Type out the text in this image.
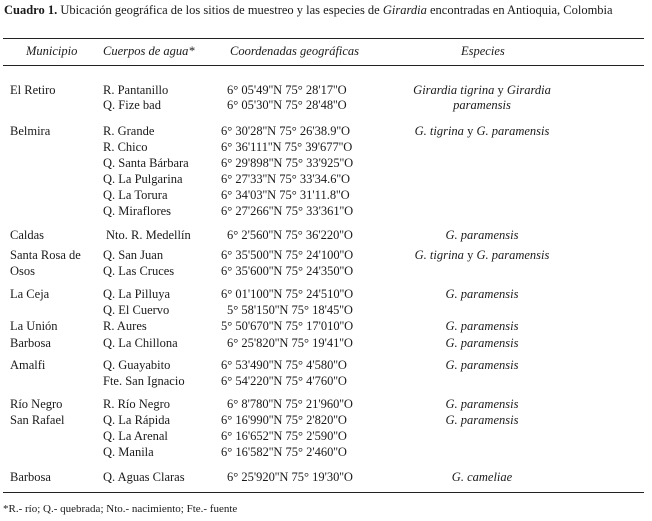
Cuadro 1. Ubicación geográfica de los sitios de muestreo y las especies de Girardia encontradas en Antioquia, Colombia
Municipio Cuerpos de agua*	Coordenadas geográficas	Especies
El Retiro
Belmira
Caldas
Santa Rosa de
Osos
La Ceja
La Unión
Barbosa
Amalfi
Río Negro
San Rafael
Barbosa
R. Pantanillo
Q. Fize bad
R. Grande
R. Chico
Q. Santa Bárbara
Q. La Pulgarina
Q. La Torura
Q. Miraflores
Nto. R. Medellín
Q. San Juan
Q. Las Cruces
Q. La Pilluya
Q. El Cuervo
R. Aures
Q. La Chillona
Q. Guayabito
Fte. San Ignacio
R. Río Negro
Q. La Rápida
Q. La Arenal
Q. Manila
Q. Aguas Claras
6° 05'49''N 75° 28'17''O
6° 05'30''N 75° 28'48''O
6° 30'28''N 75° 26'38.9''O
6° 36'111''N 75° 39'677''O
6° 29'898''N 75° 33'925''O
6° 27'33''N 75° 33'34.6''O
6° 34'03''N 75° 31'11.8''O
6° 27'266''N 75° 33'361''O
6° 2'560''N 75° 36'220''O
6° 35'500''N 75° 24'100''O
6° 35'600''N 75° 24'350''O
6° 01'100''N 75° 24'510''O
5° 58'150''N 75° 18'45''O
5° 50'670''N 75° 17'010''O
6° 25'820''N 75° 19'41''O
6° 53'490''N 75° 4'580''O
6° 54'220''N 75° 4'760''O
6° 8'780''N 75° 21'960''O
6° 16'990''N 75° 2'820''O
6° 16'652''N 75° 2'590''O
6° 16'582''N 75° 2'460''O
6° 25'920''N 75° 19'30''O
Girardia tigrina y Girardia
paramensis
G. tigrina y G. paramensis
G. paramensis
G. tigrina y G. paramensis
G. paramensis
G. paramensis
G. paramensis
G. paramensis
G. paramensis
G. paramensis
G. cameliae
*R.- río; Q.- quebrada; Nto.- nacimiento; Fte.- fuente
